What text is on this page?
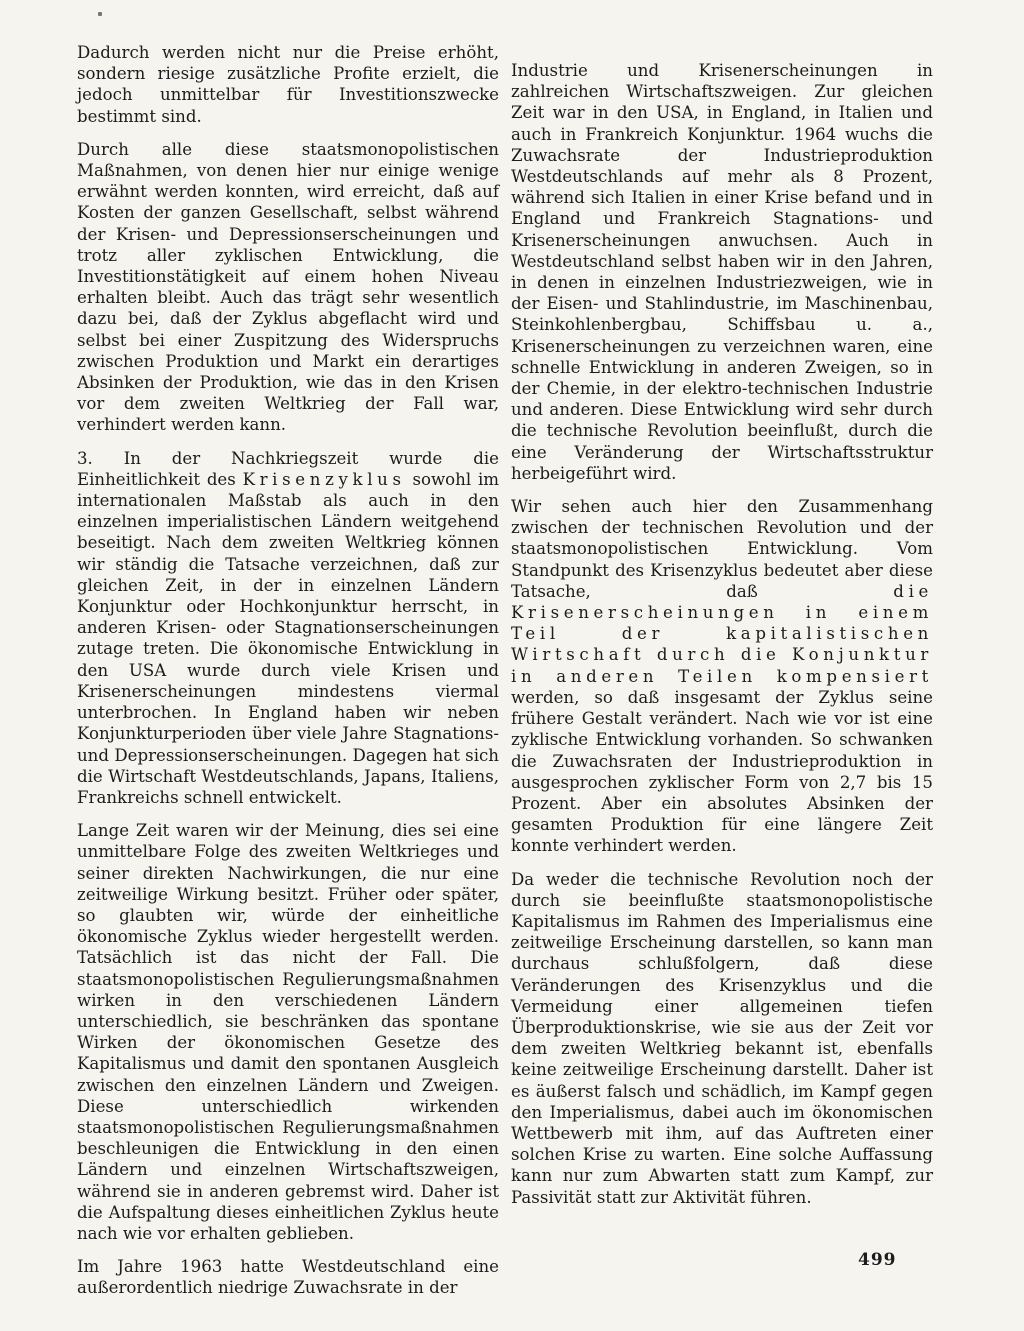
Dadurch werden nicht nur die Preise erhöht, sondern riesige zusätzliche Profite erzielt, die jedoch unmittelbar für Investitionszwecke bestimmt sind.

Durch alle diese staatsmonopolistischen Maßnahmen, von denen hier nur einige wenige erwähnt werden konnten, wird erreicht, daß auf Kosten der ganzen Gesellschaft, selbst während der Krisen- und Depressionserscheinungen und trotz aller zyklischen Entwicklung, die Investitionstätigkeit auf einem hohen Niveau erhalten bleibt. Auch das trägt sehr wesentlich dazu bei, daß der Zyklus abgeflacht wird und selbst bei einer Zuspitzung des Widerspruchs zwischen Produktion und Markt ein derartiges Absinken der Produktion, wie das in den Krisen vor dem zweiten Weltkrieg der Fall war, verhindert werden kann.

3. In der Nachkriegszeit wurde die Einheitlichkeit des Krisenzyklus sowohl im internationalen Maßstab als auch in den einzelnen imperialistischen Ländern weitgehend beseitigt. Nach dem zweiten Weltkrieg können wir ständig die Tatsache verzeichnen, daß zur gleichen Zeit, in der in einzelnen Ländern Konjunktur oder Hochkonjunktur herrscht, in anderen Krisen- oder Stagnationserscheinungen zutage treten. Die ökonomische Entwicklung in den USA wurde durch viele Krisen und Krisenerscheinungen mindestens viermal unterbrochen. In England haben wir neben Konjunkturperioden über viele Jahre Stagnations- und Depressionserscheinungen. Dagegen hat sich die Wirtschaft Westdeutschlands, Japans, Italiens, Frankreichs schnell entwickelt.

Lange Zeit waren wir der Meinung, dies sei eine unmittelbare Folge des zweiten Weltkrieges und seiner direkten Nachwirkungen, die nur eine zeitweilige Wirkung besitzt. Früher oder später, so glaubten wir, würde der einheitliche ökonomische Zyklus wieder hergestellt werden. Tatsächlich ist das nicht der Fall. Die staatsmonopolistischen Regulierungsmaßnahmen wirken in den verschiedenen Ländern unterschiedlich, sie beschränken das spontane Wirken der ökonomischen Gesetze des Kapitalismus und damit den spontanen Ausgleich zwischen den einzelnen Ländern und Zweigen. Diese unterschiedlich wirkenden staatsmonopolistischen Regulierungsmaßnahmen beschleunigen die Entwicklung in den einen Ländern und einzelnen Wirtschaftszweigen, während sie in anderen gebremst wird. Daher ist die Aufspaltung dieses einheitlichen Zyklus heute nach wie vor erhalten geblieben.

Im Jahre 1963 hatte Westdeutschland eine außerordentlich niedrige Zuwachsrate in der

Industrie und Krisenerscheinungen in zahlreichen Wirtschaftszweigen. Zur gleichen Zeit war in den USA, in England, in Italien und auch in Frankreich Konjunktur. 1964 wuchs die Zuwachsrate der Industrieproduktion Westdeutschlands auf mehr als 8 Prozent, während sich Italien in einer Krise befand und in England und Frankreich Stagnations- und Krisenerscheinungen anwuchsen. Auch in Westdeutschland selbst haben wir in den Jahren, in denen in einzelnen Industriezweigen, wie in der Eisen- und Stahlindustrie, im Maschinenbau, Steinkohlenbergbau, Schiffsbau u. a., Krisenerscheinungen zu verzeichnen waren, eine schnelle Entwicklung in anderen Zweigen, so in der Chemie, in der elektro-technischen Industrie und anderen. Diese Entwicklung wird sehr durch die technische Revolution beeinflußt, durch die eine Veränderung der Wirtschaftsstruktur herbeigeführt wird.

Wir sehen auch hier den Zusammenhang zwischen der technischen Revolution und der staatsmonopolistischen Entwicklung. Vom Standpunkt des Krisenzyklus bedeutet aber diese Tatsache, daß	die Krisenerscheinungen in einem Teil der kapitalistischen Wirtschaft durch die Konjunktur in anderen Teilen kompensiert werden, so daß insgesamt der Zyklus seine frühere Gestalt verändert. Nach wie vor ist eine zyklische Entwicklung vorhanden. So schwanken die Zuwachsraten der Industrieproduktion in ausgesprochen zyklischer Form von 2,7 bis 15 Prozent. Aber ein absolutes Absinken der gesamten Produktion für eine längere Zeit konnte verhindert werden.

Da weder die technische Revolution noch der durch sie beeinflußte staatsmonopolistische Kapitalismus im Rahmen des Imperialismus eine zeitweilige Erscheinung darstellen, so kann man durchaus schlußfolgern, daß diese Veränderungen des Krisenzyklus und die Vermeidung einer allgemeinen tiefen Überproduktionskrise, wie sie aus der Zeit vor dem zweiten Weltkrieg bekannt ist, ebenfalls keine zeitweilige Erscheinung darstellt. Daher ist es äußerst falsch und schädlich, im Kampf gegen den Imperialismus, dabei auch im ökonomischen Wettbewerb mit ihm, auf das Auftreten einer solchen Krise zu warten. Eine solche Auffassung kann nur zum Abwarten statt zum Kampf, zur Passivität statt zur Aktivität führen.

499
